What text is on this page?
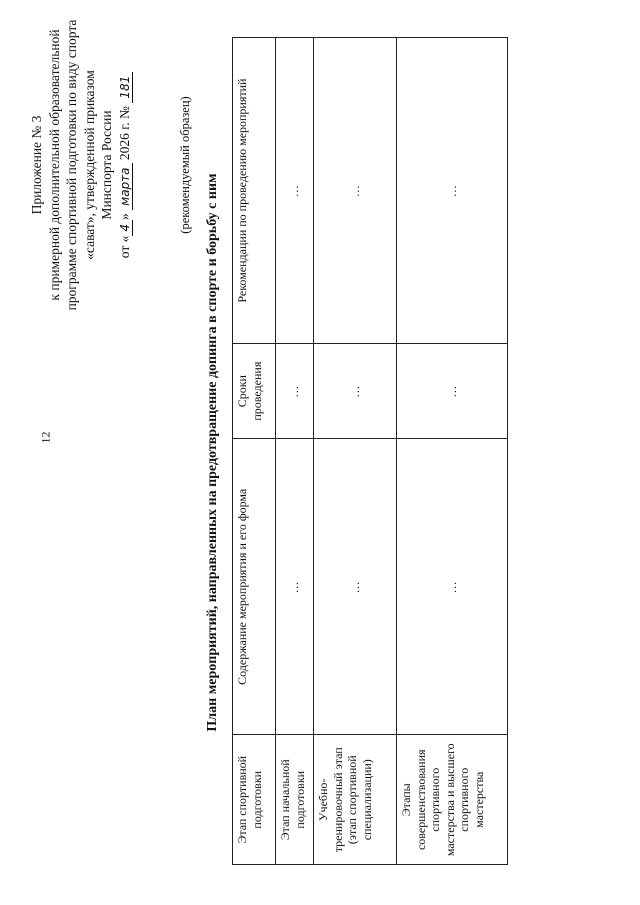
12
Приложение № 3 к примерной дополнительной образовательной программе спортивной подготовки по виду спорта «сават», утвержденной приказом Минспорта России
от «4» марта 2026 г. № 181
(рекомендуемый образец)
План мероприятий, направленных на предотвращение допинга в спорте и борьбу с ним
Этап спортивной подготовки	Содержание мероприятия и его форма	Сроки проведения	Рекомендации по проведению мероприятий
Этап начальной подготовки	…	…	…
Учебно-тренировочный этап (этап спортивной специализации)	…	…	…
Этапы совершенствования спортивного мастерства и высшего спортивного мастерства	…	…	…
